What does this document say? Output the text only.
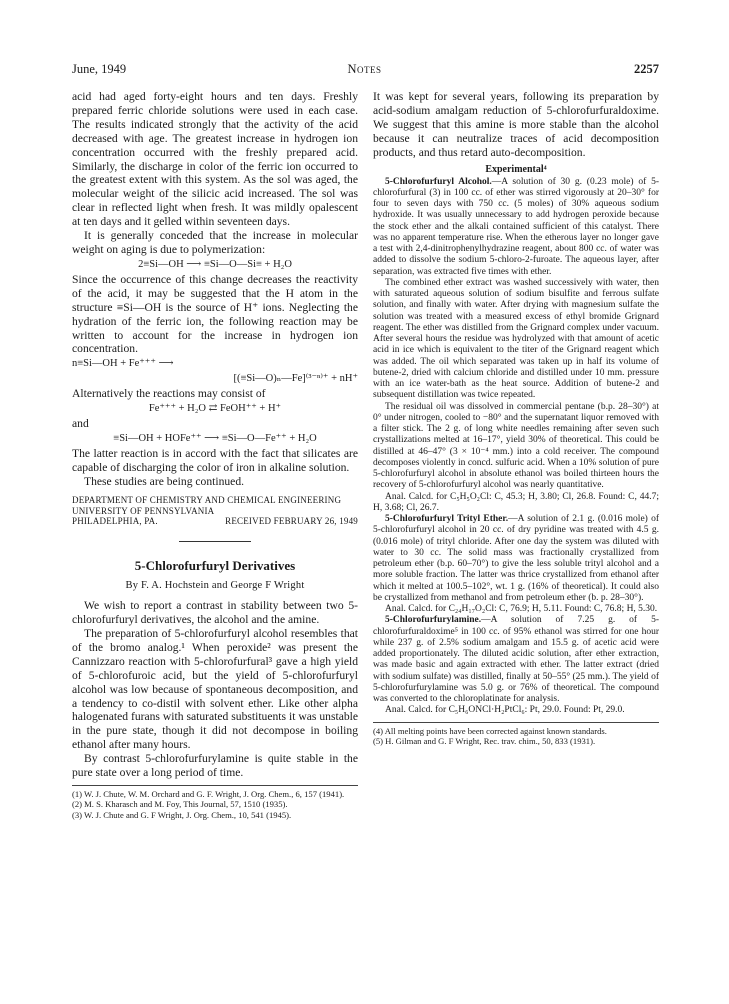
June, 1949	Notes	2257

acid had aged forty-eight hours and ten days. Freshly prepared ferric chloride solutions were used in each case. The results indicated strongly that the activity of the acid decreased with age. The greatest increase in hydrogen ion concentration occurred with the freshly prepared acid. Similarly, the discharge in color of the ferric ion occurred to the greatest extent with this system. As the sol was aged, the molecular weight of the silicic acid increased. The sol was clear in reflected light when fresh. It was mildly opalescent at ten days and it gelled within seventeen days.

It is generally conceded that the increase in molecular weight on aging is due to polymerization:

2≡Si—OH ⟶ ≡Si—O—Si≡ + H₂O

Since the occurrence of this change decreases the reactivity of the acid, it may be suggested that the H atom in the structure ≡Si—OH is the source of H⁺ ions. Neglecting the hydration of the ferric ion, the following reaction may be written to account for the increase in hydrogen ion concentration.

n≡Si—OH + Fe⁺⁺⁺ ⟶
[(≡Si—O)ₙ—Fe]⁽³⁻ⁿ⁾⁺ + nH⁺

Alternatively the reactions may consist of

Fe⁺⁺⁺ + H₂O ⇄ FeOH⁺⁺ + H⁺

and

≡Si—OH + HOFe⁺⁺ ⟶ ≡Si—O—Fe⁺⁺ + H₂O

The latter reaction is in accord with the fact that silicates are capable of discharging the color of iron in alkaline solution.

These studies are being continued.

DEPARTMENT OF CHEMISTRY AND CHEMICAL ENGINEERING
UNIVERSITY OF PENNSYLVANIA
PHILADELPHIA, PA.	RECEIVED FEBRUARY 26, 1949
5-Chlorofurfuryl Derivatives
By F. A. Hochstein and George F Wright

We wish to report a contrast in stability between two 5-chlorofurfuryl derivatives, the alcohol and the amine.

The preparation of 5-chlorofurfuryl alcohol resembles that of the bromo analog.¹ When peroxide² was present the Cannizzaro reaction with 5-chlorofurfural³ gave a high yield of 5-chlorofuroic acid, but the yield of 5-chlorofurfuryl alcohol was low because of spontaneous decomposition, and a tendency to co-distil with solvent ether. Like other alpha halogenated furans with saturated substituents it was unstable in the pure state, though it did not decompose in boiling ethanol after many hours.

By contrast 5-chlorofurfurylamine is quite stable in the pure state over a long period of time.

(1) W. J. Chute, W. M. Orchard and G. F. Wright, J. Org. Chem., 6, 157 (1941).

(2) M. S. Kharasch and M. Foy, This Journal, 57, 1510 (1935).

(3) W. J. Chute and G. F Wright, J. Org. Chem., 10, 541 (1945).

It was kept for several years, following its preparation by acid-sodium amalgam reduction of 5-chlorofurfuraldoxime. We suggest that this amine is more stable than the alcohol because it can neutralize traces of acid decomposition products, and thus retard auto-decomposition.

Experimental⁴

5-Chlorofurfuryl Alcohol.—A solution of 30 g. (0.23 mole) of 5-chlorofurfural (3) in 100 cc. of ether was stirred vigorously at 20–30° for four to seven days with 750 cc. (5 moles) of 30% aqueous sodium hydroxide. It was usually unnecessary to add hydrogen peroxide because the stock ether and the alkali contained sufficient of this catalyst. There was no apparent temperature rise. When the etherous layer no longer gave a test with 2,4-dinitrophenylhydrazine reagent, about 800 cc. of water was added to dissolve the sodium 5-chloro-2-furoate. The aqueous layer, after separation, was extracted five times with ether.

The combined ether extract was washed successively with water, then with saturated aqueous solution of sodium bisulfite and ferrous sulfate solution, and finally with water. After drying with magnesium sulfate the solution was treated with a measured excess of ethyl bromide Grignard reagent. The ether was distilled from the Grignard complex under vacuum. After several hours the residue was hydrolyzed with that amount of acetic acid in ice which is equivalent to the titer of the Grignard reagent which was added. The oil which separated was taken up in half its volume of butene-2, dried with calcium chloride and distilled under 10 mm. pressure with an ice water-bath as the heat source. Addition of butene-2 and subsequent distillation was twice repeated.

The residual oil was dissolved in commercial pentane (b.p. 28–30°) at 0° under nitrogen, cooled to −80° and the supernatant liquor removed with a filter stick. The 2 g. of long white needles remaining after seven such crystallizations melted at 16–17°, yield 30% of theoretical. This could be distilled at 46–47° (3 × 10⁻⁴ mm.) into a cold receiver. The compound decomposes violently in concd. sulfuric acid. When a 10% solution of pure 5-chlorofurfuryl alcohol in absolute ethanol was boiled thirteen hours the recovery of 5-chlorofurfuryl alcohol was nearly quantitative.

Anal. Calcd. for C₅H₅O₂Cl: C, 45.3; H, 3.80; Cl, 26.8. Found: C, 44.7; H, 3.68; Cl, 26.7.

5-Chlorofurfuryl Trityl Ether.—A solution of 2.1 g. (0.016 mole) of 5-chlorofurfuryl alcohol in 20 cc. of dry pyridine was treated with 4.5 g. (0.016 mole) of trityl chloride. After one day the system was diluted with water to 30 cc. The solid mass was fractionally crystallized from petroleum ether (b.p. 60–70°) to give the less soluble trityl alcohol and a more soluble fraction. The latter was thrice crystallized from ethanol after which it melted at 100.5–102°, wt. 1 g. (16% of theoretical). It could also be crystallized from methanol and from petroleum ether (b. p. 28–30°).

Anal. Calcd. for C₂₄H₁₇O₂Cl: C, 76.9; H, 5.11. Found: C, 76.8; H, 5.30.

5-Chlorofurfurylamine.—A solution of 7.25 g. of 5-chlorofurfuraldoxime⁵ in 100 cc. of 95% ethanol was stirred for one hour while 237 g. of 2.5% sodium amalgam and 15.5 g. of acetic acid were added proportionately. The diluted acidic solution, after ether extraction, was made basic and again extracted with ether. The latter extract (dried with sodium sulfate) was distilled, finally at 50–55° (25 mm.). The yield of 5-chlorofurfurylamine was 5.0 g. or 76% of theoretical. The compound was converted to the chloroplatinate for analysis.

Anal. Calcd. for C₅H₆ONCl·H₂PtCl₆: Pt, 29.0. Found: Pt, 29.0.

(4) All melting points have been corrected against known standards.

(5) H. Gilman and G. F Wright, Rec. trav. chim., 50, 833 (1931).
